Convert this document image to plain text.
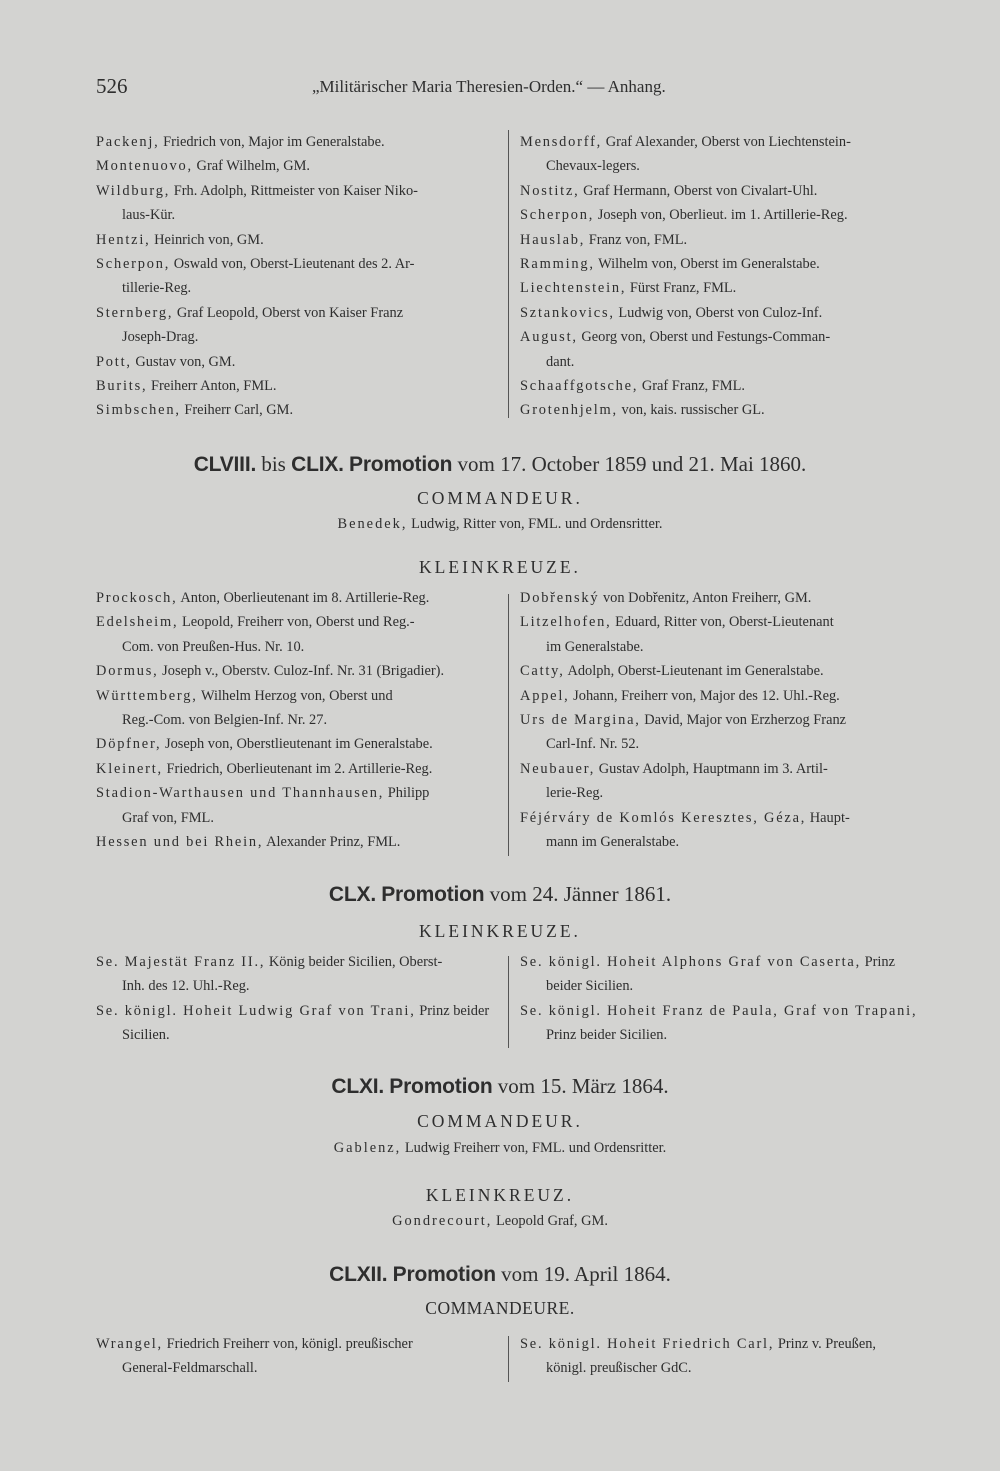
526	„Militärischer Maria Theresien-Orden.“ — Anhang.
Packenj, Friedrich von, Major im Generalstabe.
Montenuovo, Graf Wilhelm, GM.
Wildburg, Frh. Adolph, Rittmeister von Kaiser Niko-
laus-Kür.
Hentzi, Heinrich von, GM.
Scherpon, Oswald von, Oberst-Lieutenant des 2. Ar-
tillerie-Reg.
Sternberg, Graf Leopold, Oberst von Kaiser Franz
Joseph-Drag.
Pott, Gustav von, GM.
Burits, Freiherr Anton, FML.
Simbschen, Freiherr Carl, GM.
Mensdorff, Graf Alexander, Oberst von Liechtenstein-
Chevaux-legers.
Nostitz, Graf Hermann, Oberst von Civalart-Uhl.
Scherpon, Joseph von, Oberlieut. im 1. Artillerie-Reg.
Hauslab, Franz von, FML.
Ramming, Wilhelm von, Oberst im Generalstabe.
Liechtenstein, Fürst Franz, FML.
Sztankovics, Ludwig von, Oberst von Culoz-Inf.
August, Georg von, Oberst und Festungs-Comman-
dant.
Schaaffgotsche, Graf Franz, FML.
Grotenhjelm, von, kais. russischer GL.
CLVIII. bis CLIX. Promotion vom 17. October 1859 und 21. Mai 1860.
COMMANDEUR.
Benedek, Ludwig, Ritter von, FML. und Ordensritter.
KLEINKREUZE.
Prockosch, Anton, Oberlieutenant im 8. Artillerie-Reg.
Edelsheim, Leopold, Freiherr von, Oberst und Reg.-
Com. von Preußen-Hus. Nr. 10.
Dormus, Joseph v., Oberstv. Culoz-Inf. Nr. 31 (Brigadier).
Württemberg, Wilhelm Herzog von, Oberst und
Reg.-Com. von Belgien-Inf. Nr. 27.
Döpfner, Joseph von, Oberstlieutenant im Generalstabe.
Kleinert, Friedrich, Oberlieutenant im 2. Artillerie-Reg.
Stadion-Warthausen und Thannhausen, Philipp
Graf von, FML.
Hessen und bei Rhein, Alexander Prinz, FML.
Dobřenský von Dobřenitz, Anton Freiherr, GM.
Litzelhofen, Eduard, Ritter von, Oberst-Lieutenant
im Generalstabe.
Catty, Adolph, Oberst-Lieutenant im Generalstabe.
Appel, Johann, Freiherr von, Major des 12. Uhl.-Reg.
Urs de Margina, David, Major von Erzherzog Franz
Carl-Inf. Nr. 52.
Neubauer, Gustav Adolph, Hauptmann im 3. Artil-
lerie-Reg.
Féjérváry de Komlós Keresztes, Géza, Haupt-
mann im Generalstabe.
CLX. Promotion vom 24. Jänner 1861.
KLEINKREUZE.
Se. Majestät Franz II., König beider Sicilien, Oberst-
Inh. des 12. Uhl.-Reg.
Se. königl. Hoheit Ludwig Graf von Trani, Prinz beider
Sicilien.
Se. königl. Hoheit Alphons Graf von Caserta, Prinz
beider Sicilien.
Se. königl. Hoheit Franz de Paula, Graf von Trapani,
Prinz beider Sicilien.
CLXI. Promotion vom 15. März 1864.
COMMANDEUR.
Gablenz, Ludwig Freiherr von, FML. und Ordensritter.
KLEINKREUZ.
Gondrecourt, Leopold Graf, GM.
CLXII. Promotion vom 19. April 1864.
COMMANDEURE.
Wrangel, Friedrich Freiherr von, königl. preußischer
General-Feldmarschall.
Se. königl. Hoheit Friedrich Carl, Prinz v. Preußen,
königl. preußischer GdC.
